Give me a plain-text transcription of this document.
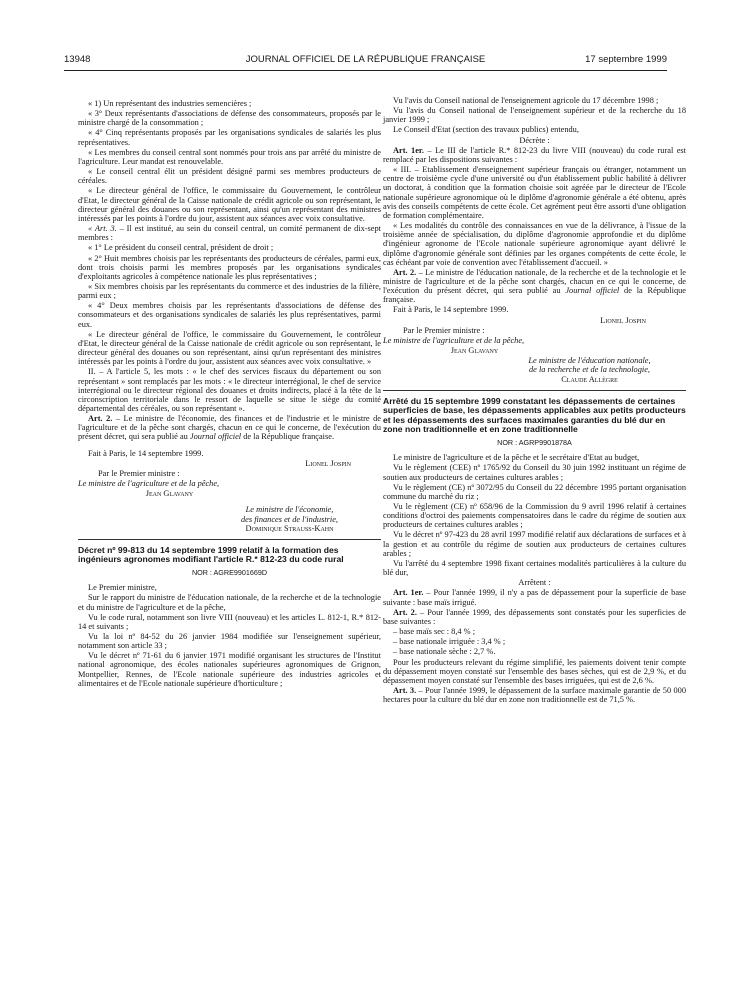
13948	JOURNAL OFFICIEL DE LA RÉPUBLIQUE FRANÇAISE	17 septembre 1999

« 1) Un représentant des industries semencières ;

« 3° Deux représentants d'associations de défense des consommateurs, proposés par le ministre chargé de la consommation ;

« 4° Cinq représentants proposés par les organisations syndicales de salariés les plus représentatives.

« Les membres du conseil central sont nommés pour trois ans par arrêté du ministre de l'agriculture. Leur mandat est renouvelable.

« Le conseil central élit un président désigné parmi ses membres producteurs de céréales.

« Le directeur général de l'office, le commissaire du Gouvernement, le contrôleur d'Etat, le directeur général de la Caisse nationale de crédit agricole ou son représentant, le directeur général des douanes ou son représentant, ainsi qu'un représentant des ministres intéressés par les points à l'ordre du jour, assistent aux séances avec voix consultative.

« Art. 3. – Il est institué, au sein du conseil central, un comité permanent de dix-sept membres :

« 1° Le président du conseil central, président de droit ;

« 2° Huit membres choisis par les représentants des producteurs de céréales, parmi eux, dont trois choisis parmi les membres proposés par les organisations syndicales d'exploitants agricoles à compétence nationale les plus représentatives ;

« Six membres choisis par les représentants du commerce et des industries de la filière, parmi eux ;

« 4° Deux membres choisis par les représentants d'associations de défense des consommateurs et des organisations syndicales de salariés les plus représentatives, parmi eux.

« Le directeur général de l'office, le commissaire du Gouvernement, le contrôleur d'Etat, le directeur général de la Caisse nationale de crédit agricole ou son représentant, le directeur général des douanes ou son représentant, ainsi qu'un représentant des ministres intéressés par les points à l'ordre du jour, assistent aux séances avec voix consultative. »

II. – A l'article 5, les mots : « le chef des services fiscaux du département ou son représentant » sont remplacés par les mots : « le directeur interrégional, le chef de service interrégional ou le directeur régional des douanes et droits indirects, placé à la tête de la circonscription territoriale dans le ressort de laquelle se situe le siège du comité départemental des céréales, ou son représentant ».

Art. 2. – Le ministre de l'économie, des finances et de l'industrie et le ministre de l'agriculture et de la pêche sont chargés, chacun en ce qui le concerne, de l'exécution du présent décret, qui sera publié au Journal officiel de la République française.

Fait à Paris, le 14 septembre 1999.

Lionel Jospin

Par le Premier ministre :

Le ministre de l'agriculture et de la pêche,

Jean Glavany

Le ministre de l'économie,
des finances et de l'industrie,
Dominique Strauss-Kahn

Décret nº 99-813 du 14 septembre 1999 relatif à la formation des ingénieurs agronomes modifiant l'article R.* 812-23 du code rural

NOR : AGRE9901669D

Le Premier ministre,

Sur le rapport du ministre de l'éducation nationale, de la recherche et de la technologie et du ministre de l'agriculture et de la pêche,

Vu le code rural, notamment son livre VIII (nouveau) et les articles L. 812-1, R.* 812-14 et suivants ;

Vu la loi nº 84-52 du 26 janvier 1984 modifiée sur l'enseignement supérieur, notamment son article 33 ;

Vu le décret nº 71-61 du 6 janvier 1971 modifié organisant les structures de l'Institut national agronomique, des écoles nationales supérieures agronomiques de Grignon, Montpellier, Rennes, de l'Ecole nationale supérieure des industries agricoles et alimentaires et de l'Ecole nationale supérieure d'horticulture ;

Vu l'avis du Conseil national de l'enseignement agricole du 17 décembre 1998 ;

Vu l'avis du Conseil national de l'enseignement supérieur et de la recherche du 18 janvier 1999 ;

Le Conseil d'Etat (section des travaux publics) entendu,

Décrète :

Art. 1er. – Le III de l'article R.* 812-23 du livre VIII (nouveau) du code rural est remplacé par les dispositions suivantes :

« III. – Etablissement d'enseignement supérieur français ou étranger, notamment un centre de troisième cycle d'une université ou d'un établissement public habilité à délivrer un doctorat, à condition que la formation choisie soit agréée par le directeur de l'Ecole nationale supérieure agronomique où le diplôme d'agronomie générale a été obtenu, après avis des conseils compétents de cette école. Cet agrément peut être assorti d'une obligation de formation complémentaire.

« Les modalités du contrôle des connaissances en vue de la délivrance, à l'issue de la troisième année de spécialisation, du diplôme d'agronomie approfondie et du diplôme d'ingénieur agronome de l'Ecole nationale supérieure agronomique ayant délivré le diplôme d'agronomie générale sont définies par les organes compétents de cette école, le cas échéant par voie de convention avec l'établissement d'accueil. »

Art. 2. – Le ministre de l'éducation nationale, de la recherche et de la technologie et le ministre de l'agriculture et de la pêche sont chargés, chacun en ce qui le concerne, de l'exécution du présent décret, qui sera publié au Journal officiel de la République française.

Fait à Paris, le 14 septembre 1999.

Lionel Jospin

Par le Premier ministre :

Le ministre de l'agriculture et de la pêche,

Jean Glavany

Le ministre de l'éducation nationale,
de la recherche et de la technologie,
Claude Allègre

Arrêté du 15 septembre 1999 constatant les dépassements de certaines superficies de base, les dépassements applicables aux petits producteurs et les dépassements des surfaces maximales garanties du blé dur en zone non traditionnelle et en zone traditionnelle

NOR : AGRP9901878A

Le ministre de l'agriculture et de la pêche et le secrétaire d'Etat au budget,

Vu le règlement (CEE) nº 1765/92 du Conseil du 30 juin 1992 instituant un régime de soutien aux producteurs de certaines cultures arables ;

Vu le règlement (CE) nº 3072/95 du Conseil du 22 décembre 1995 portant organisation commune du marché du riz ;

Vu le règlement (CE) nº 658/96 de la Commission du 9 avril 1996 relatif à certaines conditions d'octroi des paiements compensatoires dans le cadre du régime de soutien aux producteurs de certaines cultures arables ;

Vu le décret nº 97-423 du 28 avril 1997 modifié relatif aux déclarations de surfaces et à la gestion et au contrôle du régime de soutien aux producteurs de certaines cultures arables ;

Vu l'arrêté du 4 septembre 1998 fixant certaines modalités particulières à la culture du blé dur,

Arrêtent :

Art. 1er. – Pour l'année 1999, il n'y a pas de dépassement pour la superficie de base suivante : base maïs irrigué.

Art. 2. – Pour l'année 1999, des dépassements sont constatés pour les superficies de base suivantes :

– base maïs sec : 8,4 % ;

– base nationale irriguée : 3,4 % ;

– base nationale sèche : 2,7 %.

Pour les producteurs relevant du régime simplifié, les paiements doivent tenir compte du dépassement moyen constaté sur l'ensemble des bases sèches, qui est de 2,9 %, et du dépassement moyen constaté sur l'ensemble des bases irriguées, qui est de 2,6 %.

Art. 3. – Pour l'année 1999, le dépassement de la surface maximale garantie de 50 000 hectares pour la culture du blé dur en zone non traditionnelle est de 71,5 %.
